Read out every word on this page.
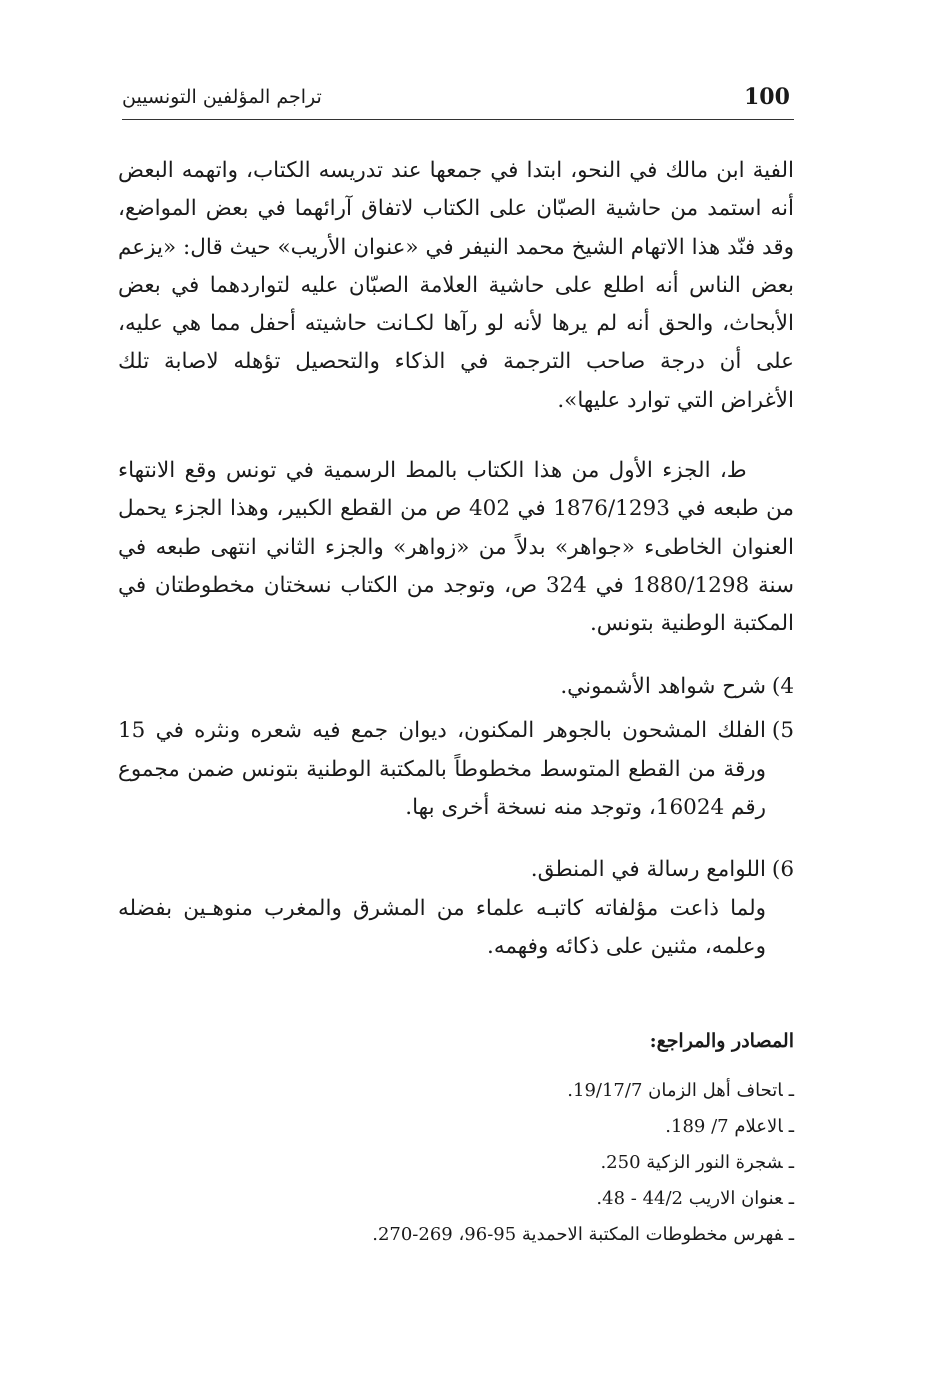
100
تراجم المؤلفين التونسيين

الفية ابن مالك في النحو، ابتدا في جمعها عند تدريسه الكتاب، واتهمه البعض أنه استمد من حاشية الصبّان على الكتاب لاتفاق آرائهما في بعض المواضع، وقد فنّد هذا الاتهام الشيخ محمد النيفر في «عنوان الأريب» حيث قال: «يزعم بعض الناس أنه اطلع على حاشية العلامة الصبّان عليه لتواردهما في بعض الأبحاث، والحق أنه لم يرها لأنه لو رآها لكـانت حاشيته أحفل مما هي عليه، على أن درجة صاحب الترجمة في الذكاء والتحصيل تؤهله لاصابة تلك الأغراض التي توارد عليها».

ط، الجزء الأول من هذا الكتاب بالمط الرسمية في تونس وقع الانتهاء من طبعه في 1876/1293 في 402 ص من القطع الكبير، وهذا الجزء يحمل العنوان الخاطىء «جواهر» بدلاً من «زواهر» والجزء الثاني انتهى طبعه في سنة 1880/1298 في 324 ص، وتوجد من الكتاب نسختان مخطوطتان في المكتبة الوطنية بتونس.

4)
شرح شواهد الأشموني.
5)
الفلك المشحون بالجوهر المكنون، ديوان جمع فيه شعره ونثره في 15 ورقة من القطع المتوسط مخطوطاً بالمكتبة الوطنية بتونس ضمن مجموع رقم 16024، وتوجد منه نسخة أخرى بها.
6)
اللوامع رسالة في المنطق.

ولما ذاعت مؤلفاته كاتبـه علماء من المشرق والمغرب منوهـين بفضله وعلمه، مثنين على ذكائه وفهمه.

المصادر والمراجع:
ـاتحاف أهل الزمان 19/17/7.
ـالاعلام 7/ 189.
ـشجرة النور الزكية 250.
ـعنوان الاريب 44/2 - 48.
ـفهرس مخطوطات المكتبة الاحمدية 95-96، 269-270.
